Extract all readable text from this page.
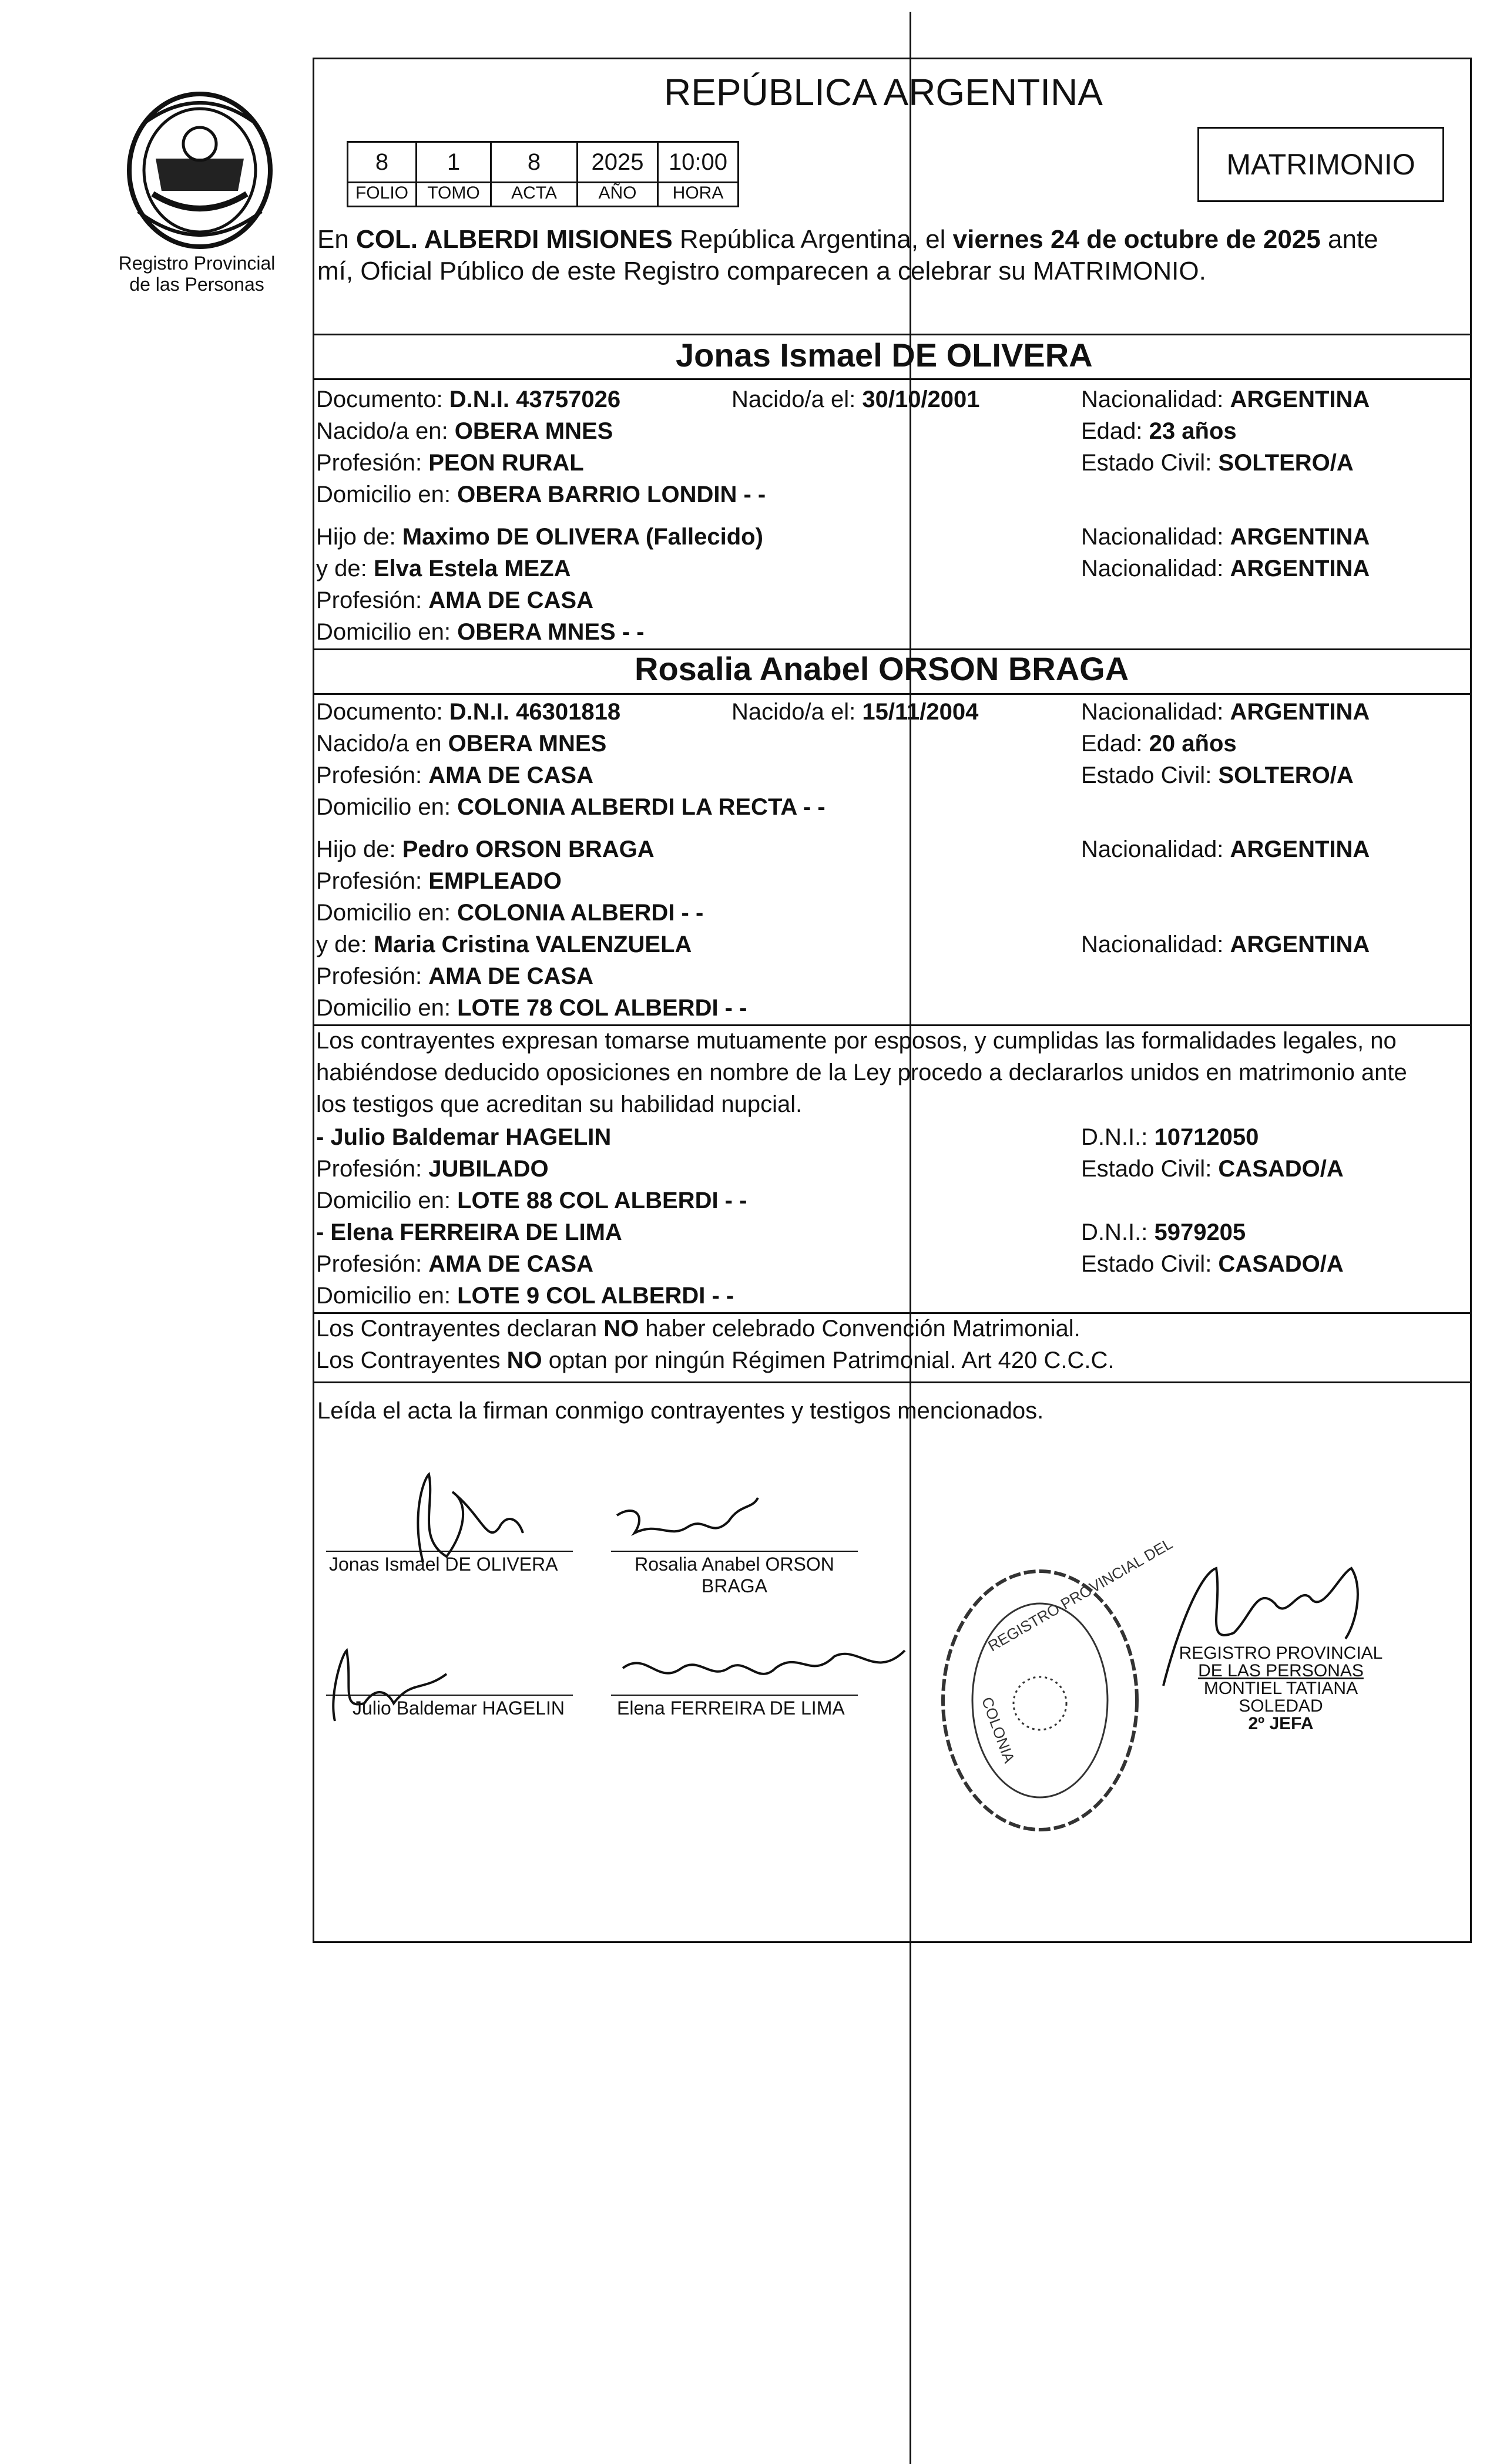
Registro Provincial
de las Personas
REPÚBLICA ARGENTINA
8	1	8	2025	10:00
FOLIO	TOMO	ACTA	AÑO	HORA
MATRIMONIO
En COL. ALBERDI MISIONES República Argentina, el viernes 24 de octubre de 2025 ante
mí, Oficial Público de este Registro comparecen a celebrar su MATRIMONIO.
Jonas Ismael DE OLIVERA
Documento: D.N.I. 43757026	Nacido/a el: 30/10/2001	Nacionalidad: ARGENTINA
Nacido/a en: OBERA MNES	Edad: 23 años
Profesión: PEON RURAL	Estado Civil: SOLTERO/A
Domicilio en: OBERA BARRIO LONDIN - -
Hijo de: Maximo DE OLIVERA (Fallecido)	Nacionalidad: ARGENTINA
y de: Elva Estela MEZA	Nacionalidad: ARGENTINA
Profesión: AMA DE CASA
Domicilio en: OBERA MNES - -
Rosalia Anabel ORSON BRAGA
Documento: D.N.I. 46301818	Nacido/a el: 15/11/2004	Nacionalidad: ARGENTINA
Nacido/a en OBERA MNES	Edad: 20 años
Profesión: AMA DE CASA	Estado Civil: SOLTERO/A
Domicilio en: COLONIA ALBERDI LA RECTA - -
Hijo de: Pedro ORSON BRAGA	Nacionalidad: ARGENTINA
Profesión: EMPLEADO
Domicilio en: COLONIA ALBERDI - -
y de: Maria Cristina VALENZUELA	Nacionalidad: ARGENTINA
Profesión: AMA DE CASA
Domicilio en: LOTE 78 COL ALBERDI - -
Los contrayentes expresan tomarse mutuamente por esposos, y cumplidas las formalidades legales, no
habiéndose deducido oposiciones en nombre de la Ley procedo a declararlos unidos en matrimonio ante
los testigos que acreditan su habilidad nupcial.
- Julio Baldemar HAGELIN	D.N.I.: 10712050
Profesión: JUBILADO	Estado Civil: CASADO/A
Domicilio en: LOTE 88 COL ALBERDI - -
- Elena FERREIRA DE LIMA	D.N.I.: 5979205
Profesión: AMA DE CASA	Estado Civil: CASADO/A
Domicilio en: LOTE 9 COL ALBERDI - -
Los Contrayentes declaran NO haber celebrado Convención Matrimonial.
Los Contrayentes NO optan por ningún Régimen Patrimonial. Art 420 C.C.C.
Leída el acta la firman conmigo contrayentes y testigos mencionados.
Jonas Ismael DE OLIVERA	Rosalia Anabel ORSON
BRAGA
Julio Baldemar HAGELIN	Elena FERREIRA DE LIMA
REGISTRO PROVINCIAL DEL
COLONIA
REGISTRO PROVINCIAL
DE LAS PERSONAS
MONTIEL TATIANA SOLEDAD
2º JEFA
